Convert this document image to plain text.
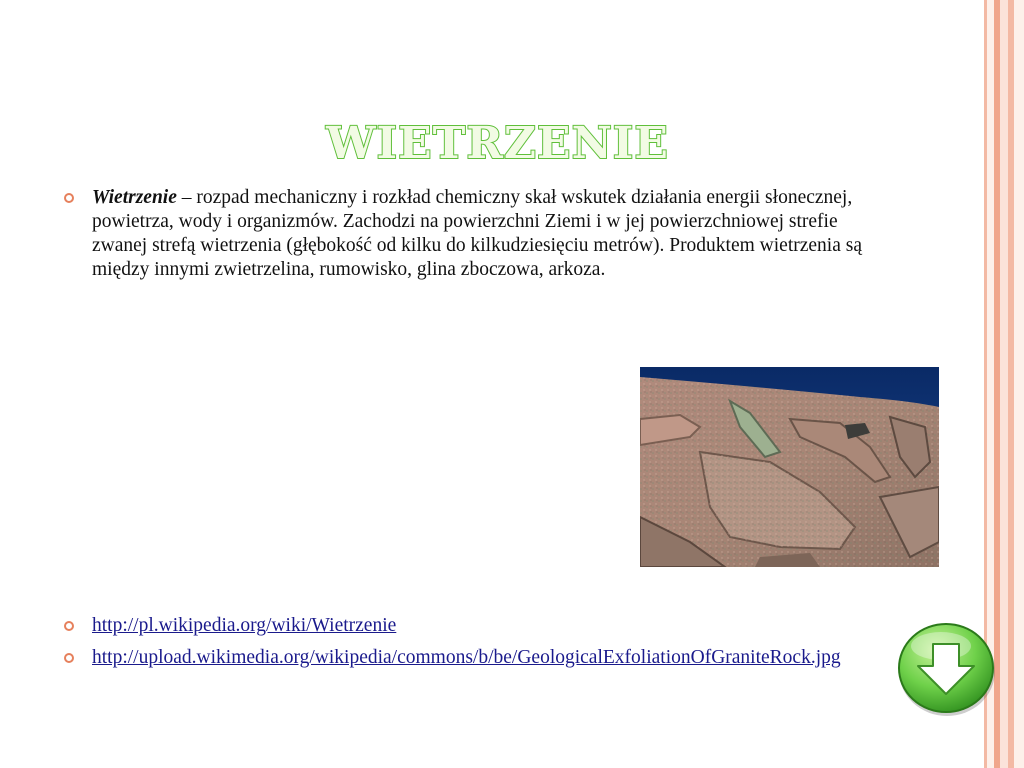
WIETRZENIE
Wietrzenie – rozpad mechaniczny i rozkład chemiczny skał wskutek działania energii słonecznej, powietrza, wody i organizmów. Zachodzi na powierzchni Ziemi i w jej powierzchniowej strefie zwanej strefą wietrzenia (głębokość od kilku do kilkudziesięciu metrów). Produktem wietrzenia są między innymi zwietrzelina, rumowisko, glina zboczowa, arkoza.
http://pl.wikipedia.org/wiki/Wietrzenie
http://upload.wikimedia.org/wikipedia/commons/b/be/GeologicalExfoliationOfGraniteRock.jpg
